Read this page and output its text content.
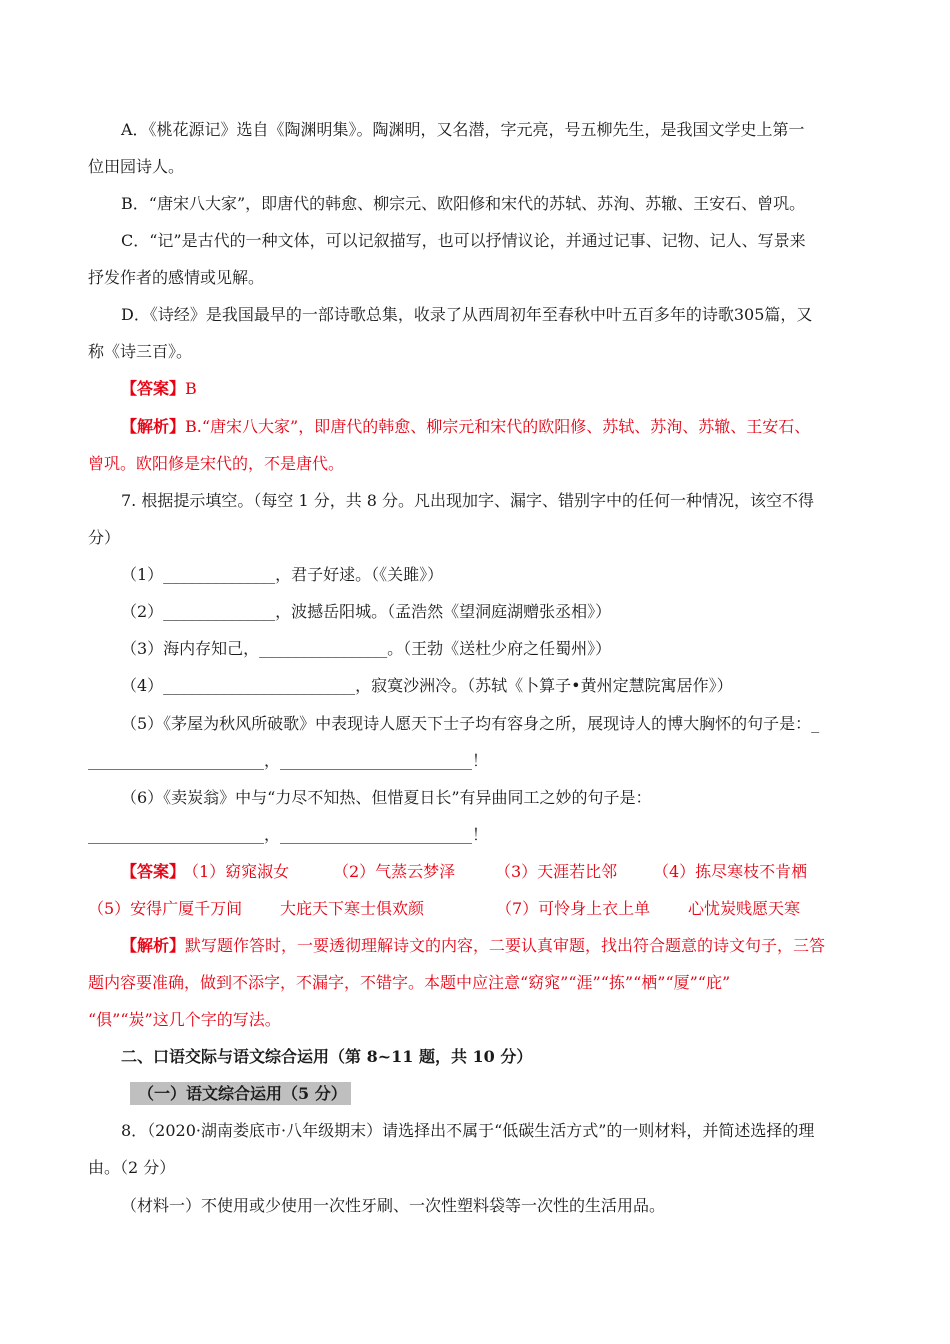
A．《桃花源记》选自《陶渊明集》。陶渊明，又名潜，字元亮，号五柳先生，是我国文学史上第一
位田园诗人。
B．“唐宋八大家”，即唐代的韩愈、柳宗元、欧阳修和宋代的苏轼、苏洵、苏辙、王安石、曾巩。
C．“记”是古代的一种文体，可以记叙描写，也可以抒情议论，并通过记事、记物、记人、写景来
抒发作者的感情或见解。
D．《诗经》是我国最早的一部诗歌总集，收录了从西周初年至春秋中叶五百多年的诗歌305篇，又
称《诗三百》。
【答案】B
【解析】B.“唐宋八大家”，即唐代的韩愈、柳宗元和宋代的欧阳修、苏轼、苏洵、苏辙、王安石、
曾巩。欧阳修是宋代的，不是唐代。
7. 根据提示填空。（每空 1 分，共 8 分。凡出现加字、漏字、错别字中的任何一种情况，该空不得
分）
（1）______________，君子好逑。（《关雎》）
（2）______________，波撼岳阳城。（孟浩然《望洞庭湖赠张丞相》）
（3）海内存知己，________________。（王勃《送杜少府之任蜀州》）
（4）________________________，寂寞沙洲冷。（苏轼《卜算子•黄州定慧院寓居作》）
（5）《茅屋为秋风所破歌》中表现诗人愿天下士子均有容身之所，展现诗人的博大胸怀的句子是：_
______________________，________________________！
（6）《卖炭翁》中与“力尽不知热、但惜夏日长”有异曲同工之妙的句子是：
______________________，________________________！
【答案】
（1）窈窕淑女	（2）气蒸云梦泽 （3）天涯若比邻 （4）拣尽寒枝不肯栖
（5）安得广厦千万间 大庇天下寒士俱欢颜	（7）可怜身上衣上单 心忧炭贱愿天寒
【解析】默写题作答时，一要透彻理解诗文的内容，二要认真审题，找出符合题意的诗文句子，三答
题内容要准确，做到不添字，不漏字，不错字。本题中应注意“窈窕”“涯”“拣”“栖”“厦”“庇”
“俱”“炭”这几个字的写法。
二、口语交际与语文综合运用（第 8~11 题，共 10 分）
（一）语文综合运用（5 分）
8．（2020·湖南娄底市·八年级期末）请选择出不属于“低碳生活方式”的一则材料，并简述选择的理
由。（2 分）
（材料一）不使用或少使用一次性牙刷、一次性塑料袋等一次性的生活用品。
